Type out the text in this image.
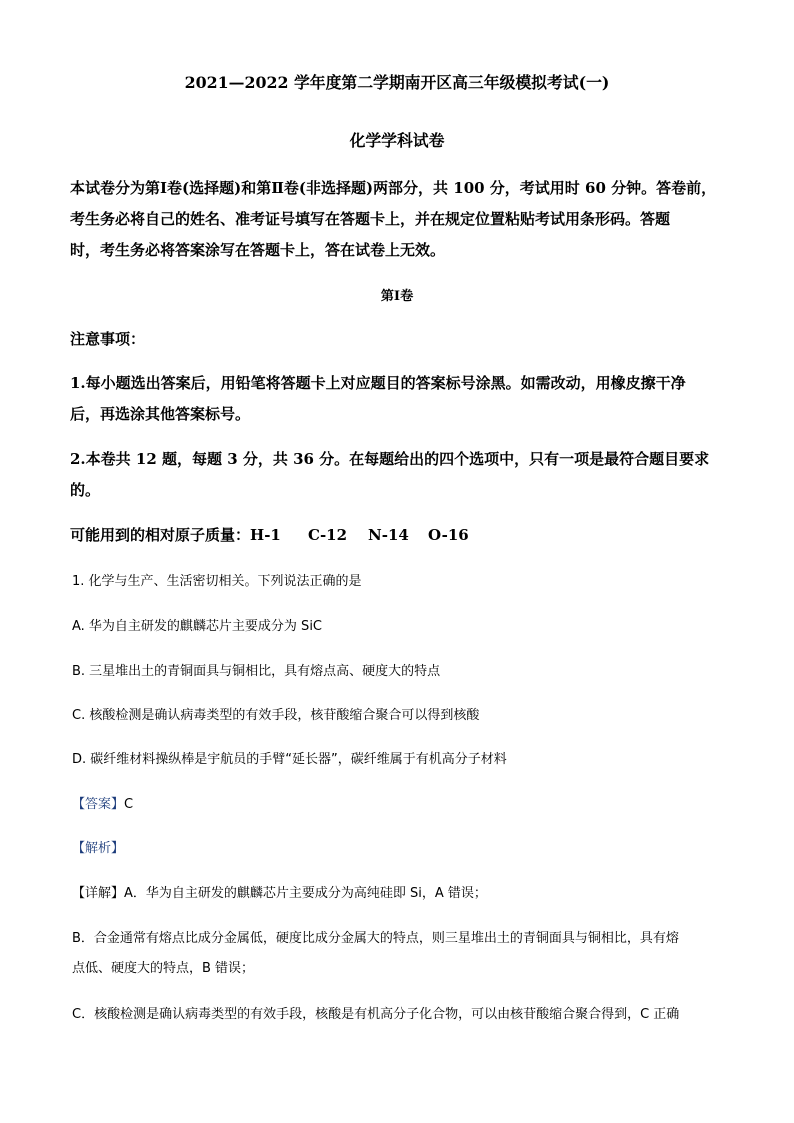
2021—2022 学年度第二学期南开区高三年级模拟考试(一)
化学学科试卷
本试卷分为第Ⅰ卷(选择题)和第Ⅱ卷(非选择题)两部分，共 100 分，考试用时 60 分钟。答卷前，
考生务必将自己的姓名、准考证号填写在答题卡上，并在规定位置粘贴考试用条形码。答题
时，考生务必将答案涂写在答题卡上，答在试卷上无效。
第Ⅰ卷
注意事项：
1.每小题选出答案后，用铅笔将答题卡上对应题目的答案标号涂黑。如需改动，用橡皮擦干净
后，再选涂其他答案标号。
2.本卷共 12 题，每题 3 分，共 36 分。在每题给出的四个选项中，只有一项是最符合题目要求
的。
可能用到的相对原子质量：H-1 C-12 N-14 O-16
1. 化学与生产、生活密切相关。下列说法正确的是
A. 华为自主研发的麒麟芯片主要成分为 SiC
B. 三星堆出土的青铜面具与铜相比，具有熔点高、硬度大的特点
C. 核酸检测是确认病毒类型的有效手段，核苷酸缩合聚合可以得到核酸
D. 碳纤维材料操纵棒是宇航员的手臂“延长器”，碳纤维属于有机高分子材料
【答案】C
【解析】
【详解】A．华为自主研发的麒麟芯片主要成分为高纯硅即 Si，A 错误；
B．合金通常有熔点比成分金属低，硬度比成分金属大的特点，则三星堆出土的青铜面具与铜相比，具有熔
点低、硬度大的特点，B 错误；
C．核酸检测是确认病毒类型的有效手段，核酸是有机高分子化合物，可以由核苷酸缩合聚合得到，C 正确
